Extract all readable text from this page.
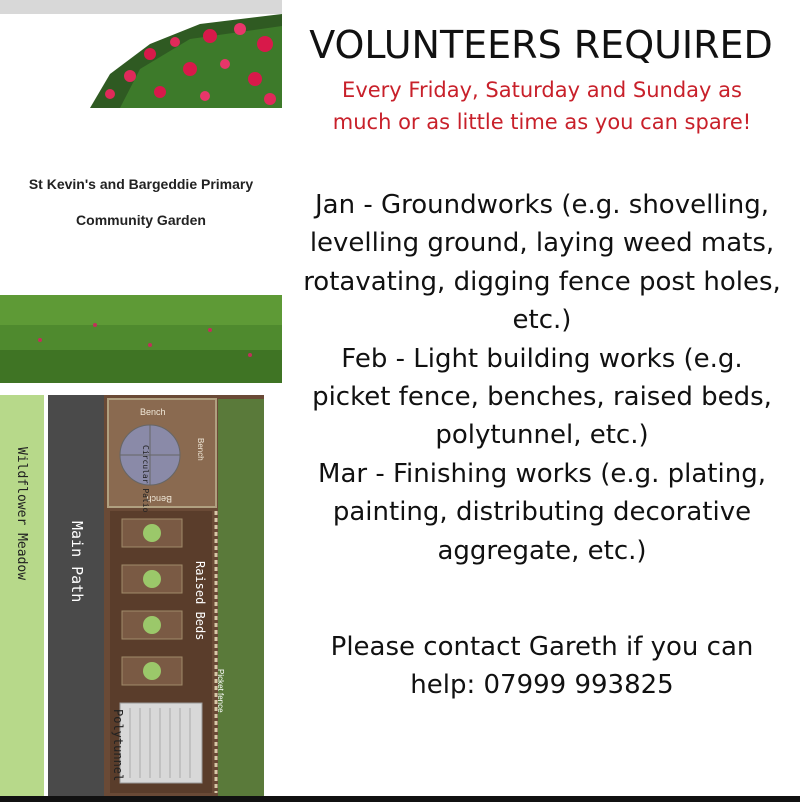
St Kevin's and Bargeddie Primary
Community Garden
Wildflower Meadow	Main Path
Bench
Bench
Bench
Circular Patio
Raised Beds
Picket fence
Polytunnel
VOLUNTEERS REQUIRED
Every Friday, Saturday and Sunday as much or as little time as you can spare!
Jan - Groundworks (e.g. shovelling, levelling ground, laying weed mats, rotavating, digging fence post holes, etc.)
Feb - Light building works (e.g. picket fence, benches, raised beds, polytunnel, etc.)
Mar - Finishing works (e.g. plating, painting, distributing decorative aggregate, etc.)
Please contact Gareth if you can help: 07999 993825
